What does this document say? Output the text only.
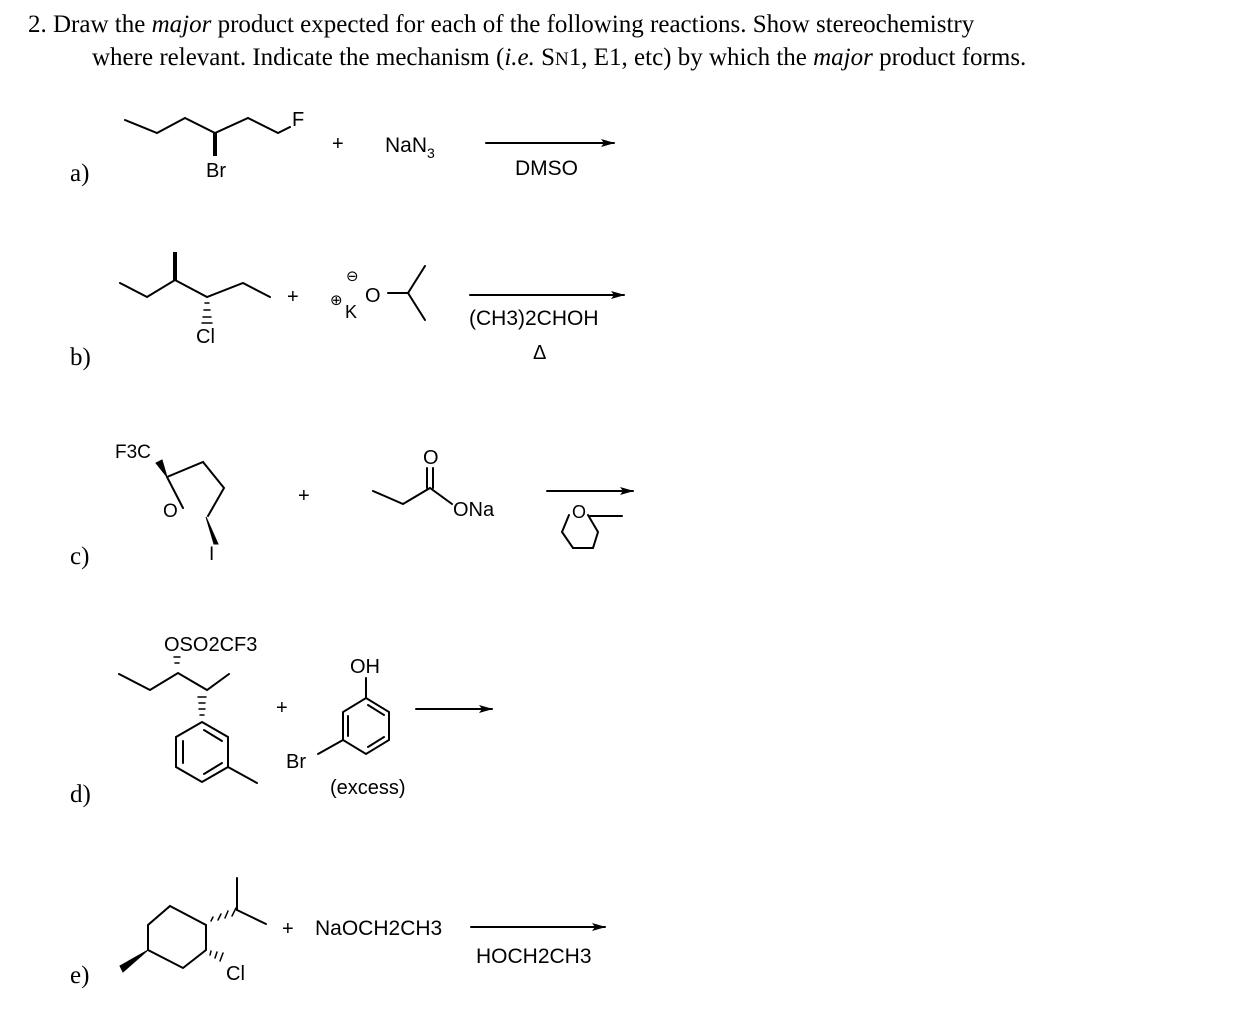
2. Draw the major product expected for each of the following reactions. Show stereochemistry
where relevant. Indicate the mechanism (i.e. SN1, E1, etc) by which the major product forms.
a)
b)
c)
d)
e)
F
Br
+ NaN$_3$
DMSO
Cl
+ ⊕
⊖
K
O
(CH3)2CHOH
Δ
F3C
O
I
+
O
ONa	O
OSO2CF3
+
OH
Br
(excess)
Cl
+ NaOCH2CH3
HOCH2CH3
